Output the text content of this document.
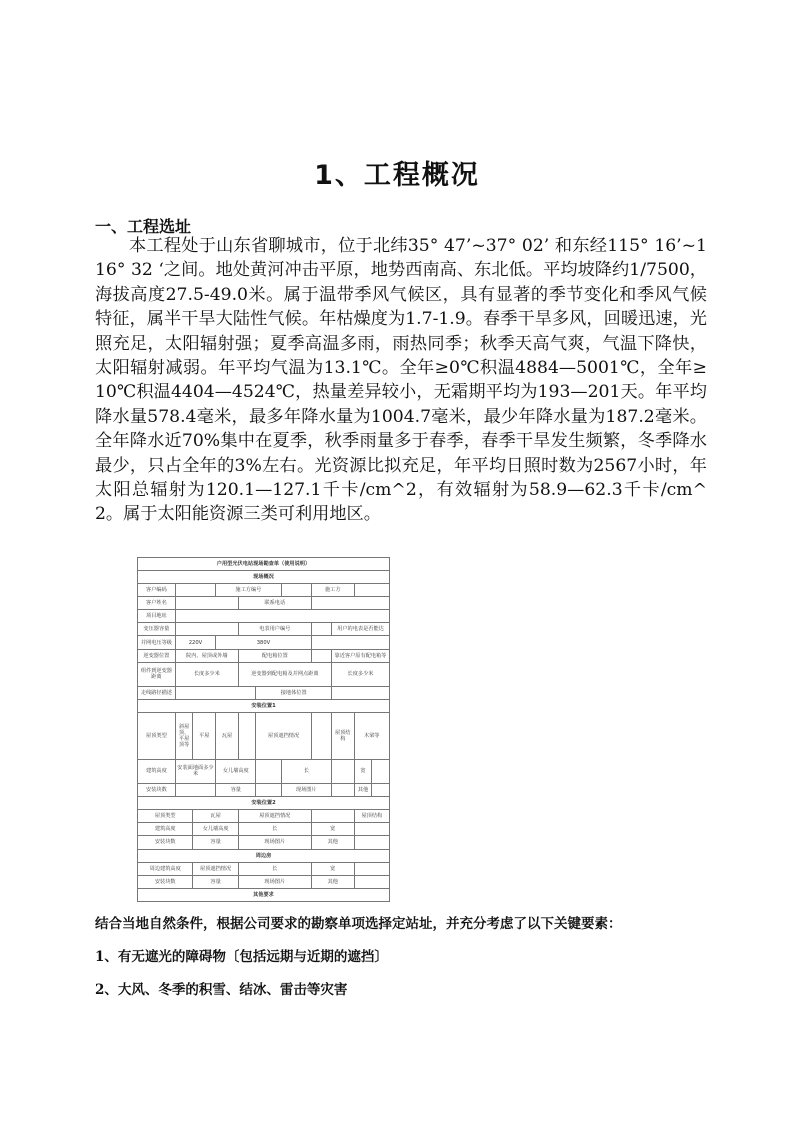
1、工程概况
一、工程选址
本工程处于山东省聊城市，位于北纬35° 47’~37° 02’ 和东经115° 16’~116° 32 ‘之间。地处黄河冲击平原，地势西南高、东北低。平均坡降约1/7500，海拔高度27.5-49.0米。属于温带季风气候区，具有显著的季节变化和季风气候特征，属半干旱大陆性气候。年枯燥度为1.7-1.9。春季干旱多风，回暖迅速，光照充足，太阳辐射强；夏季高温多雨，雨热同季；秋季天高气爽，气温下降快，太阳辐射减弱。年平均气温为13.1℃。全年≥0℃积温4884—5001℃，全年≥10℃积温4404—4524℃，热量差异较小，无霜期平均为193—201天。年平均降水量578.4毫米，最多年降水量为1004.7毫米，最少年降水量为187.2毫米。全年降水近70%集中在夏季，秋季雨量多于春季，春季干旱发生频繁，冬季降水最少，只占全年的3%左右。光资源比拟充足，年平均日照时数为2567小时，年太阳总辐射为120.1—127.1千卡/cm^2，有效辐射为58.9—62.3千卡/cm^2。属于太阳能资源三类可利用地区。
户用型光伏电站现场勘查单（使用说明）										
现场概况										
客户编码			施工方编号				施工方			
客户姓名				联系电话						
项目地址										
变压器容量				电表用户编号				用户的电表是否能达		
并网电压等级	220V		380V							
逆变器位置	院内、屋顶或外墙			配电箱位置				靠近客户原有配电箱等		
组件到逆变器距离	长度多少米			逆变器到配电箱及并网点距离				长度多少米		
走线路径描述					接地体位置					
安装位置1										
屋顶类型	斜屋顶、平屋顶等	平屋	瓦屋		屋顶遮挡情况			屋顶结构	木梁等	
建筑高度	安装面地面多少米		女儿墙高度			长			宽	
安装块数			容量			现场图片			其他	
安装位置2										
屋顶类型		瓦屋		屋顶遮挡情况					屋顶结构	
建筑高度		女儿墙高度		长			宽			
安装块数		容量		现场图片			其他			
周边房										
周边建筑高度		屋顶遮挡情况		长			宽			
安装块数		容量		现场图片			其他			
其他要求										
结合当地自然条件，根据公司要求的勘察单项选择定站址，并充分考虑了以下关键要素：
1、有无遮光的障碍物〔包括远期与近期的遮挡〕
2、大风、冬季的积雪、结冰、雷击等灾害
